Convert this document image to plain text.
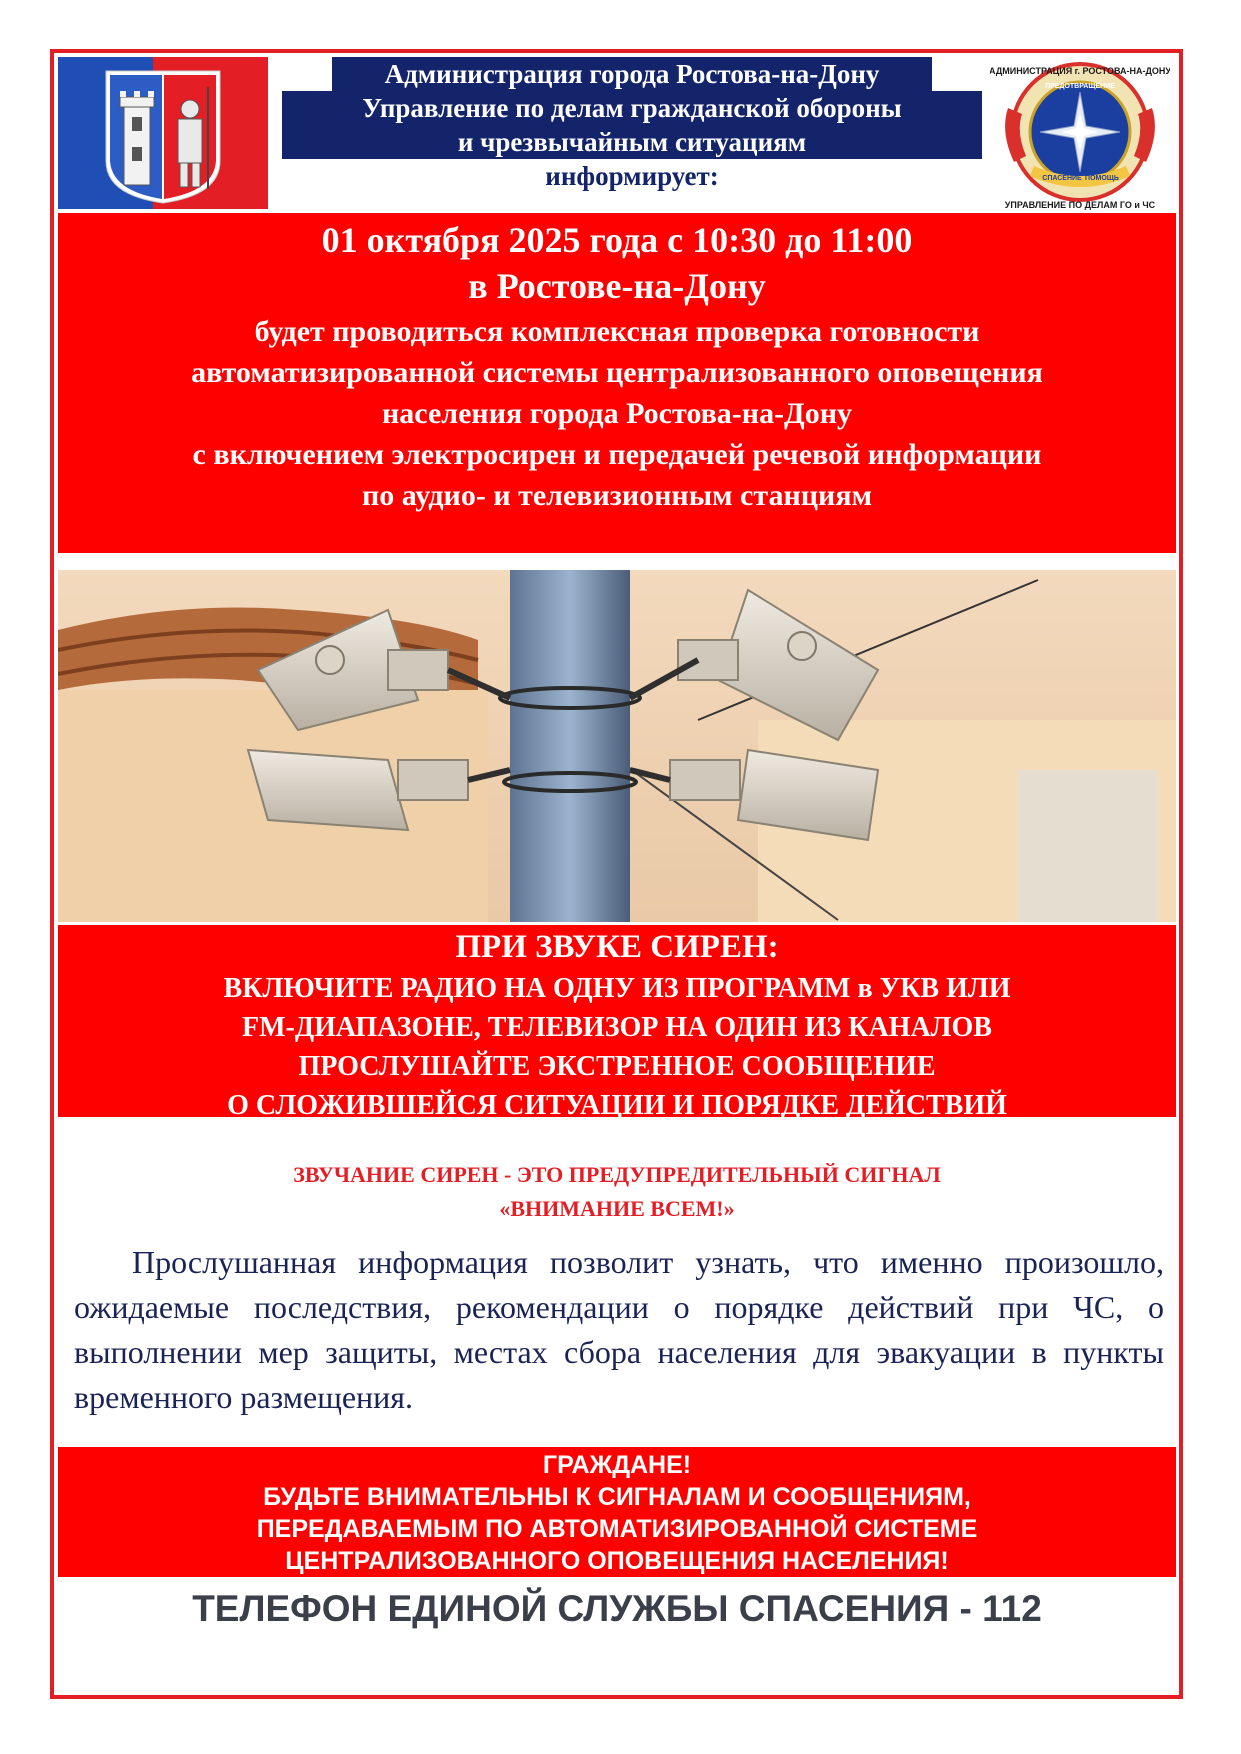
Администрация города Ростова-на-Дону
Управление по делам гражданской обороны
и чрезвычайным ситуациям
информирует:
АДМИНИСТРАЦИЯ г. РОСТОВА-НА-ДОНУ
УПРАВЛЕНИЕ ПО ДЕЛАМ ГО и ЧС
ПРЕДОТВРАЩЕНИЕ
СПАСЕНИЕ ПОМОЩЬ
01 октября 2025 года с 10:30 до 11:00
в Ростове-на-Дону
будет проводиться комплексная проверка готовности
автоматизированной системы централизованного оповещения
населения города Ростова-на-Дону
с включением электросирен и передачей речевой информации
по аудио- и телевизионным станциям
ПРИ ЗВУКЕ СИРЕН:
ВКЛЮЧИТЕ РАДИО НА ОДНУ ИЗ ПРОГРАММ в УКВ ИЛИ
FM-ДИАПАЗОНЕ, ТЕЛЕВИЗОР НА ОДИН ИЗ КАНАЛОВ
ПРОСЛУШАЙТЕ ЭКСТРЕННОЕ СООБЩЕНИЕ
О СЛОЖИВШЕЙСЯ СИТУАЦИИ И ПОРЯДКЕ ДЕЙСТВИЙ
ЗВУЧАНИЕ СИРЕН - ЭТО ПРЕДУПРЕДИТЕЛЬНЫЙ СИГНАЛ
«ВНИМАНИЕ ВСЕМ!»
Прослушанная информация позволит узнать, что именно произошло, ожидаемые последствия, рекомендации о порядке действий при ЧС, о выполнении мер защиты, местах сбора населения для эвакуации в пункты временного размещения.
ГРАЖДАНЕ!
БУДЬТЕ ВНИМАТЕЛЬНЫ К СИГНАЛАМ И СООБЩЕНИЯМ,
ПЕРЕДАВАЕМЫМ ПО АВТОМАТИЗИРОВАННОЙ СИСТЕМЕ
ЦЕНТРАЛИЗОВАННОГО ОПОВЕЩЕНИЯ НАСЕЛЕНИЯ!
ТЕЛЕФОН ЕДИНОЙ СЛУЖБЫ СПАСЕНИЯ - 112
